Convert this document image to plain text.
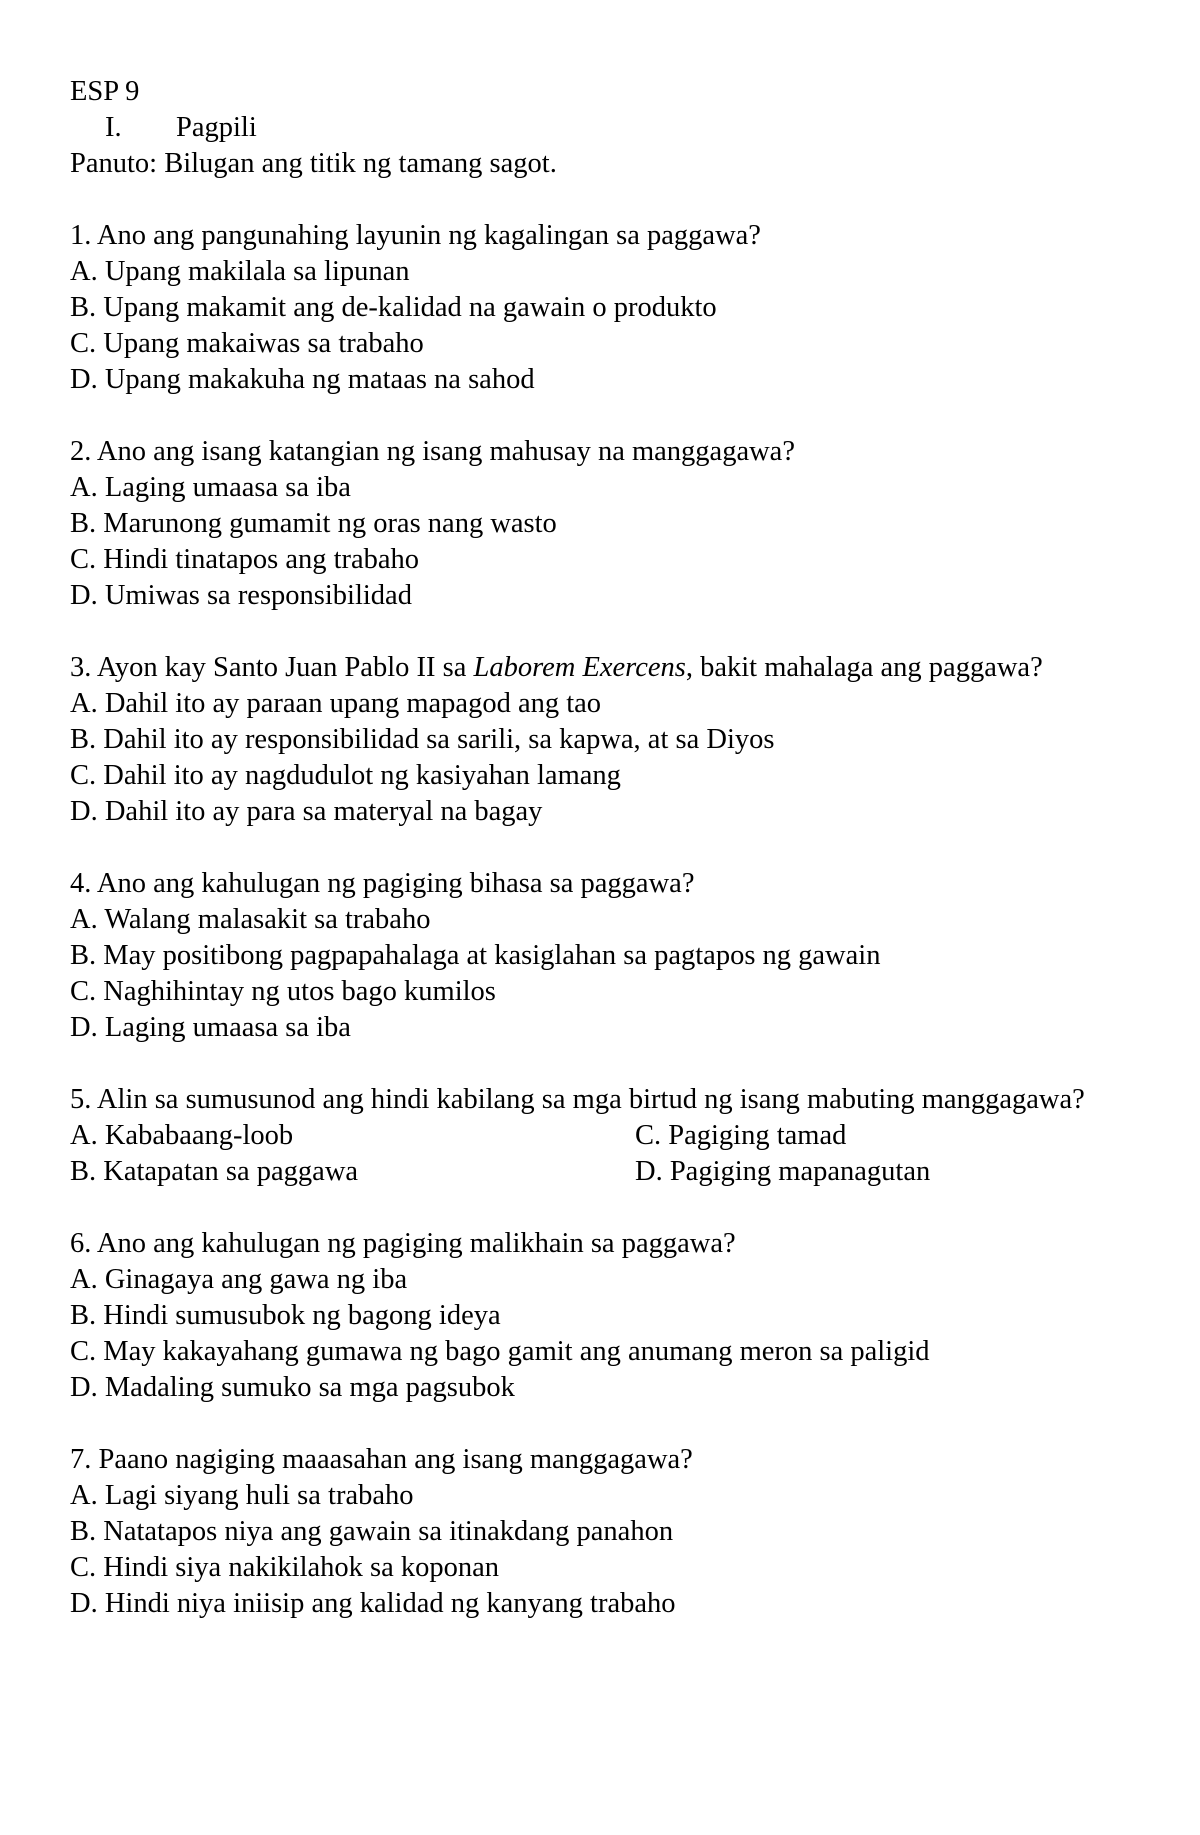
ESP 9
I. Pagpili
Panuto: Bilugan ang titik ng tamang sagot.
1. Ano ang pangunahing layunin ng kagalingan sa paggawa?
A. Upang makilala sa lipunan
B. Upang makamit ang de-kalidad na gawain o produkto
C. Upang makaiwas sa trabaho
D. Upang makakuha ng mataas na sahod
2. Ano ang isang katangian ng isang mahusay na manggagawa?
A. Laging umaasa sa iba
B. Marunong gumamit ng oras nang wasto
C. Hindi tinatapos ang trabaho
D. Umiwas sa responsibilidad
3. Ayon kay Santo Juan Pablo II sa Laborem Exercens, bakit mahalaga ang paggawa?
A. Dahil ito ay paraan upang mapagod ang tao
B. Dahil ito ay responsibilidad sa sarili, sa kapwa, at sa Diyos
C. Dahil ito ay nagdudulot ng kasiyahan lamang
D. Dahil ito ay para sa materyal na bagay
4. Ano ang kahulugan ng pagiging bihasa sa paggawa?
A. Walang malasakit sa trabaho
B. May positibong pagpapahalaga at kasiglahan sa pagtapos ng gawain
C. Naghihintay ng utos bago kumilos
D. Laging umaasa sa iba
5. Alin sa sumusunod ang hindi kabilang sa mga birtud ng isang mabuting manggagawa?
A. Kababaang-loob	C. Pagiging tamad
B. Katapatan sa paggawa	D. Pagiging mapanagutan
6. Ano ang kahulugan ng pagiging malikhain sa paggawa?
A. Ginagaya ang gawa ng iba
B. Hindi sumusubok ng bagong ideya
C. May kakayahang gumawa ng bago gamit ang anumang meron sa paligid
D. Madaling sumuko sa mga pagsubok
7. Paano nagiging maaasahan ang isang manggagawa?
A. Lagi siyang huli sa trabaho
B. Natatapos niya ang gawain sa itinakdang panahon
C. Hindi siya nakikilahok sa koponan
D. Hindi niya iniisip ang kalidad ng kanyang trabaho
